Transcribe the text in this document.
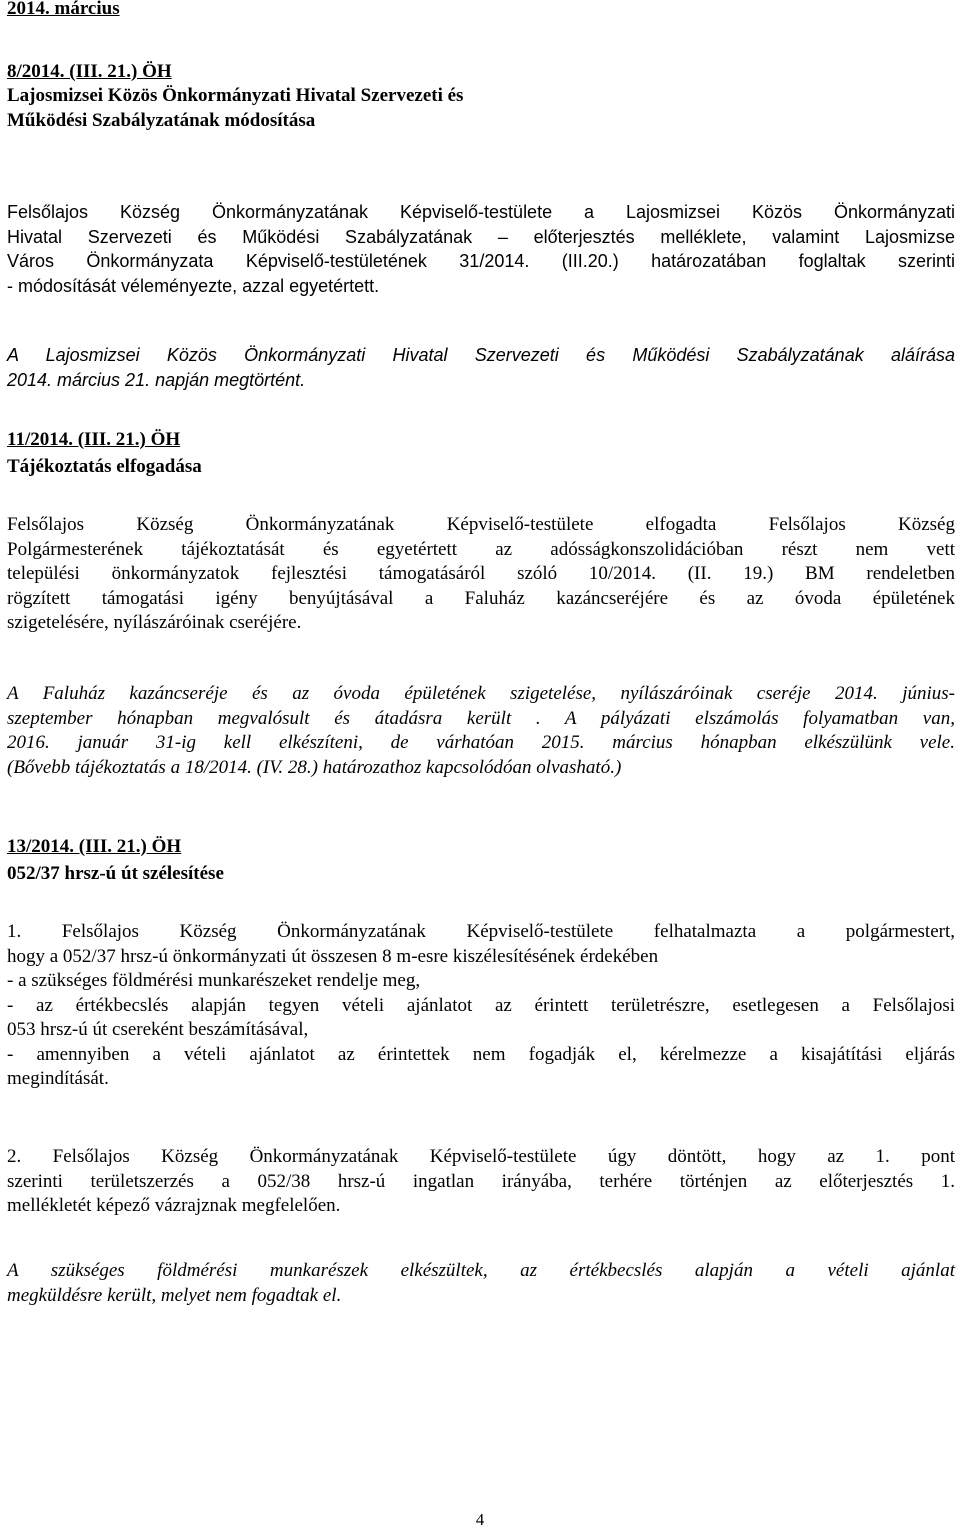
2014. március
8/2014. (III. 21.) ÖH
Lajosmizsei Közös Önkormányzati Hivatal Szervezeti és
Működési Szabályzatának módosítása
Felsőlajos Község Önkormányzatának Képviselő-testülete a Lajosmizsei Közös Önkormányzati
Hivatal Szervezeti és Működési Szabályzatának – előterjesztés melléklete, valamint Lajosmizse
Város Önkormányzata Képviselő-testületének 31/2014. (III.20.) határozatában foglaltak szerinti
- módosítását véleményezte, azzal egyetértett.
A Lajosmizsei Közös Önkormányzati Hivatal Szervezeti és Működési Szabályzatának aláírása
2014. március 21. napján megtörtént.
11/2014. (III. 21.) ÖH
Tájékoztatás elfogadása
Felsőlajos Község Önkormányzatának Képviselő-testülete elfogadta Felsőlajos Község
Polgármesterének tájékoztatását és egyetértett az adósságkonszolidációban részt nem vett
települési önkormányzatok fejlesztési támogatásáról szóló 10/2014. (II. 19.) BM rendeletben
rögzített támogatási igény benyújtásával a Faluház kazáncseréjére és az óvoda épületének
szigetelésére, nyílászáróinak cseréjére.
A Faluház kazáncseréje és az óvoda épületének szigetelése, nyílászáróinak cseréje 2014. június-
szeptember hónapban megvalósult és átadásra került . A pályázati elszámolás folyamatban van,
2016. január 31-ig kell elkészíteni, de várhatóan 2015. március hónapban elkészülünk vele.
(Bővebb tájékoztatás a 18/2014. (IV. 28.) határozathoz kapcsolódóan olvasható.)
13/2014. (III. 21.) ÖH
052/37 hrsz-ú út szélesítése
1. Felsőlajos Község Önkormányzatának Képviselő-testülete felhatalmazta a polgármestert,
hogy a 052/37 hrsz-ú önkormányzati út összesen 8 m-esre kiszélesítésének érdekében
- a szükséges földmérési munkarészeket rendelje meg,
- az értékbecslés alapján tegyen vételi ajánlatot az érintett területrészre, esetlegesen a Felsőlajosi
053 hrsz-ú út csereként beszámításával,
- amennyiben a vételi ajánlatot az érintettek nem fogadják el, kérelmezze a kisajátítási eljárás
megindítását.
2. Felsőlajos Község Önkormányzatának Képviselő-testülete úgy döntött, hogy az 1. pont
szerinti területszerzés a 052/38 hrsz-ú ingatlan irányába, terhére történjen az előterjesztés 1.
mellékletét képező vázrajznak megfelelően.
A szükséges földmérési munkarészek elkészültek, az értékbecslés alapján a vételi ajánlat
megküldésre került, melyet nem fogadtak el.
4
